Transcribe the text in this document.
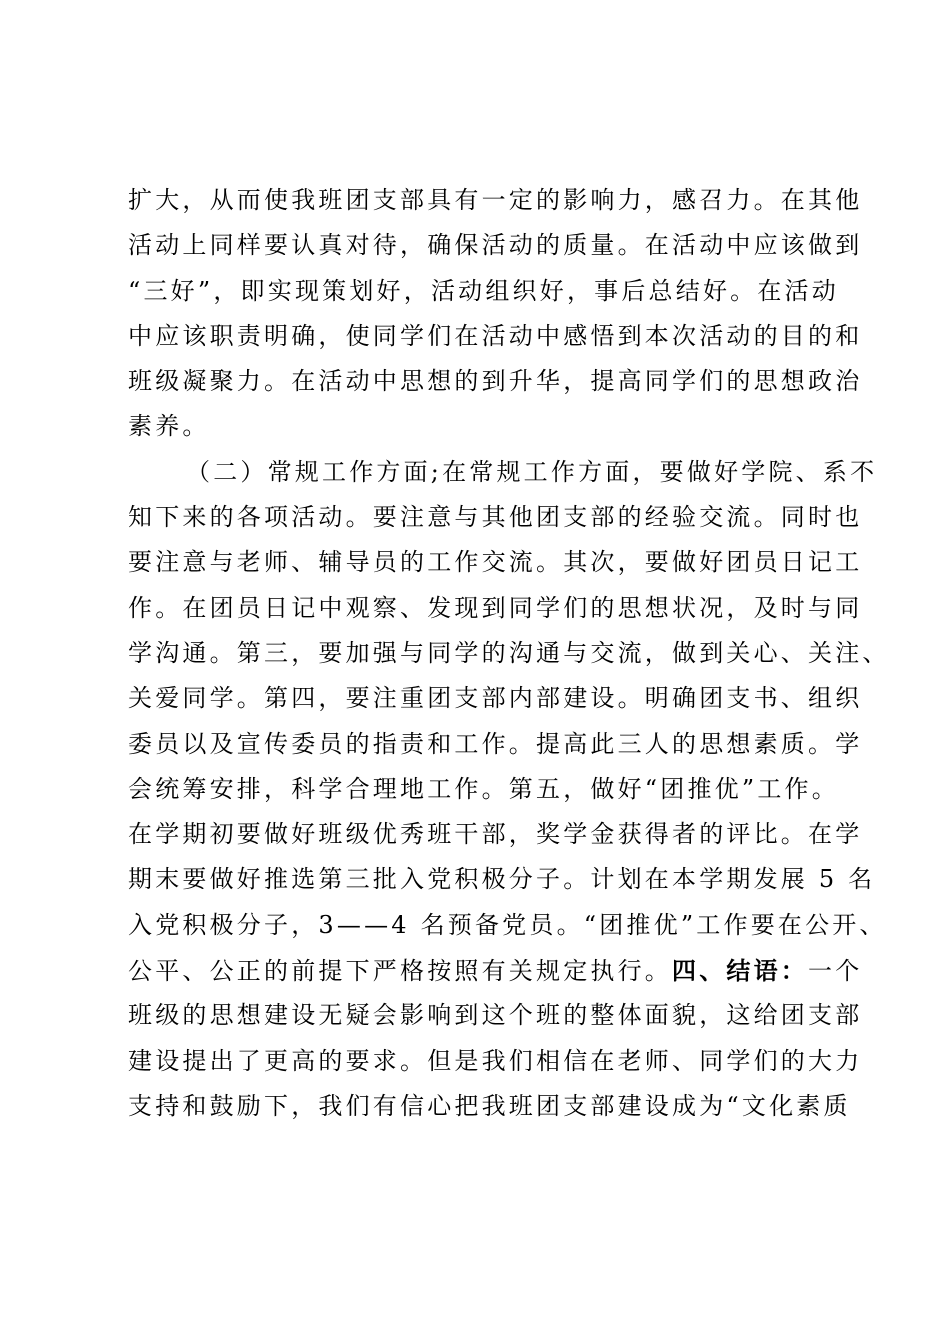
扩大，从而使我班团支部具有一定的影响力，感召力。在其他
活动上同样要认真对待，确保活动的质量。在活动中应该做到
“三好”，即实现策划好，活动组织好，事后总结好。在活动
中应该职责明确，使同学们在活动中感悟到本次活动的目的和
班级凝聚力。在活动中思想的到升华，提高同学们的思想政治
素养。
（二）常规工作方面;在常规工作方面，要做好学院、系不
知下来的各项活动。要注意与其他团支部的经验交流。同时也
要注意与老师、辅导员的工作交流。其次，要做好团员日记工
作。在团员日记中观察、发现到同学们的思想状况，及时与同
学沟通。第三，要加强与同学的沟通与交流，做到关心、关注、
关爱同学。第四，要注重团支部内部建设。明确团支书、组织
委员以及宣传委员的指责和工作。提高此三人的思想素质。学
会统筹安排，科学合理地工作。第五，做好“团推优”工作。
在学期初要做好班级优秀班干部，奖学金获得者的评比。在学
期末要做好推选第三批入党积极分子。计划在本学期发展 5 名
入党积极分子，3——4 名预备党员。“团推优”工作要在公开、
公平、公正的前提下严格按照有关规定执行。四、结语：一个
班级的思想建设无疑会影响到这个班的整体面貌，这给团支部
建设提出了更高的要求。但是我们相信在老师、同学们的大力
支持和鼓励下，我们有信心把我班团支部建设成为“文化素质
